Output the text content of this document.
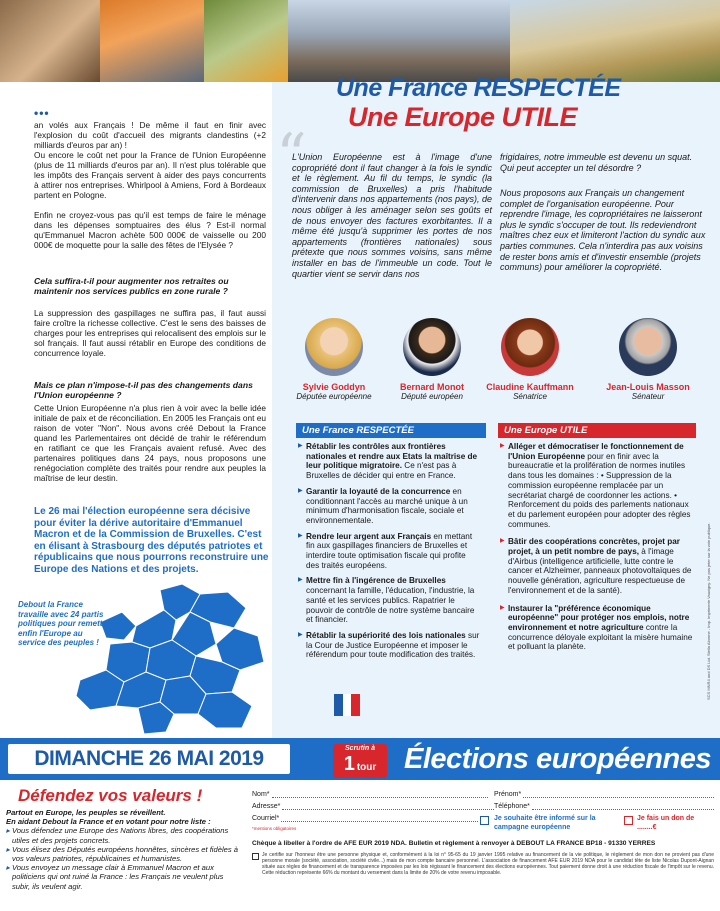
Une France RESPECTÉE
Une Europe UTILE
•••
an volés aux Français ! De même il faut en finir avec l'explosion du coût d'accueil des migrants clandestins (+2 milliards d'euros par an) !
Ou encore le coût net pour la France de l'Union Européenne (plus de 11 milliards d'euros par an). Il n'est plus tolérable que les impôts des Français servent à aider des pays concurrents à attirer nos entreprises. Whirlpool à Amiens, Ford à Bordeaux partent en Pologne.
Enfin ne croyez-vous pas qu'il est temps de faire le ménage dans les dépenses somptuaires des élus ? Est-il normal qu'Emmanuel Macron achète 500 000€ de vaisselle ou 200 000€ de moquette pour la salle des fêtes de l'Elysée ?
Cela suffira-t-il pour augmenter nos retraites ou maintenir nos services publics en zone rurale ?
La suppression des gaspillages ne suffira pas, il faut aussi faire croître la richesse collective. C'est le sens des baisses de charges pour les entreprises qui relocalisent des emplois sur le sol français. Il faut aussi rétablir en Europe des conditions de concurrence loyale.
Mais ce plan n'impose-t-il pas des changements dans l'Union européenne ?
Cette Union Européenne n'a plus rien à voir avec la belle idée initiale de paix et de réconciliation. En 2005 les Français ont eu raison de voter "Non". Nous avons créé Debout la France quand les Parlementaires ont décidé de trahir le référendum en ratifiant ce que les Français avaient refusé. Avec des partenaires politiques dans 24 pays, nous proposons une renégociation complète des traités pour rendre aux peuples la maîtrise de leur destin.
Le 26 mai l'élection européenne sera décisive pour éviter la dérive autoritaire d'Emmanuel Macron et de la Commission de Bruxelles. C'est en élisant à Strasbourg des députés patriotes et républicains que nous pourrons reconstruire une Europe des Nations et des projets.
Debout la France travaille avec 24 partis politiques pour remettre enfin l'Europe au service des peuples !
“
L'Union Européenne est à l'image d'une copropriété dont il faut changer à la fois le syndic et le règlement. Au fil du temps, le syndic (la commission de Bruxelles) a pris l'habitude d'intervenir dans nos appartements (nos pays), de nous obliger à les aménager selon ses goûts et de nous envoyer des factures exorbitantes. Il a même été jusqu'à supprimer les portes de nos appartements (frontières nationales) sous prétexte que nous sommes voisins, sans même installer en bas de l'immeuble un code. Tout le quartier vient se servir dans nos
frigidaires, notre immeuble est devenu un squat. Qui peut accepter un tel désordre ?
Nous proposons aux Français un changement complet de l'organisation européenne. Pour reprendre l'image, les copropriétaires ne laisseront plus le syndic s'occuper de tout. Ils redeviendront maîtres chez eux et limiteront l'action du syndic aux parties communes. Cela n'interdira pas aux voisins de rester bons amis et d'investir ensemble (projets communs) pour améliorer la copropriété.
Sylvie Goddyn
Députée européenne
Bernard Monot
Député européen
Claudine Kauffmann
Sénatrice
Jean-Louis Masson
Sénateur
Une France RESPECTÉE

▶ Rétablir les contrôles aux frontières nationales et rendre aux Etats la maîtrise de leur politique migratoire. Ce n'est pas à Bruxelles de décider qui entre en France.

▶ Garantir la loyauté de la concurrence en conditionnant l'accès au marché unique à un minimum d'harmonisation fiscale, sociale et environnementale.

▶ Rendre leur argent aux Français en mettant fin aux gaspillages financiers de Bruxelles et interdire toute optimisation fiscale qui profite des traités européens.

▶ Mettre fin à l'ingérence de Bruxelles concernant la famille, l'éducation, l'industrie, la santé et les services publics. Rapatrier le pouvoir de contrôle de notre système bancaire et financier.

▶ Rétablir la supériorité des lois nationales sur la Cour de Justice Européenne et imposer le référendum pour toute modification des traités.

Une Europe UTILE

▶ Alléger et démocratiser le fonctionnement de l'Union Européenne pour en finir avec la bureaucratie et la prolifération de normes inutiles dans tous les domaines : • Suppression de la commission européenne remplacée par un secrétariat chargé de coordonner les actions. • Renforcement du poids des parlements nationaux et du parlement européen pour adopter des règles communes.

▶ Bâtir des coopérations concrètes, projet par projet, à un petit nombre de pays, à l'image d'Airbus (intelligence artificielle, lutte contre le cancer et Alzheimer, panneaux photovoltaïques de nouvelle génération, agriculture respectueuse de l'environnement et de la santé).

▶ Instaurer la "préférence économique européenne" pour protéger nos emplois, notre environnement et notre agriculture contre la concurrence déloyale exploitant la misère humaine et polluant la planète.	SCS MNR4 and DS Ltd. Stella Abonne - Imp. Imprimerie Vauvigny. Ne pas jeter sur la voie publique.
DIMANCHE 26 MAI 2019	Scrutin à
1 tour Élections européennes
Défendez vos valeurs !
Partout en Europe, les peuples se réveillent.
En aidant Debout la France et en votant pour notre liste :
▸ Vous défendez une Europe des Nations libres, des coopérations utiles et des projets concrets.
▸ Vous élisez des Députés européens honnêtes, sincères et fidèles à vos valeurs patriotes, républicaines et humanistes.
▸ Vous envoyez un message clair à Emmanuel Macron et aux politiciens qui ont ruiné la France : les Français ne veulent plus subir, ils veulent agir.
Nom*	Prénom*
Adresse*	Téléphone*
Courriel*
*mentions obligatoires
Je souhaite être informé sur la campagne européenne
Je fais un don de ........€
Chèque à libeller à l'ordre de AFE EUR 2019 NDA. Bulletin et règlement à renvoyer à DEBOUT LA FRANCE BP18 - 91330 YERRES
Je certifie sur l'honneur être une personne physique et, conformément à la loi n° 95-65 du 19 janvier 1995 relative au financement de la vie politique, le règlement de mon don ne provient pas d'une personne morale (société, association, société civile...) mais de mon compte bancaire personnel. L'association de financement AFE EUR 2019 NDA pour le candidat tête de liste Nicolas Dupont-Aignan située aux règles de financement et de transparence imposées par les lois régissant le financement des élections européennes. Tout paiement donne droit à une réduction fiscale de l'impôt sur le revenu. Cette réduction représente 66% du montant du versement dans la limite de 20% de votre revenu imposable.
